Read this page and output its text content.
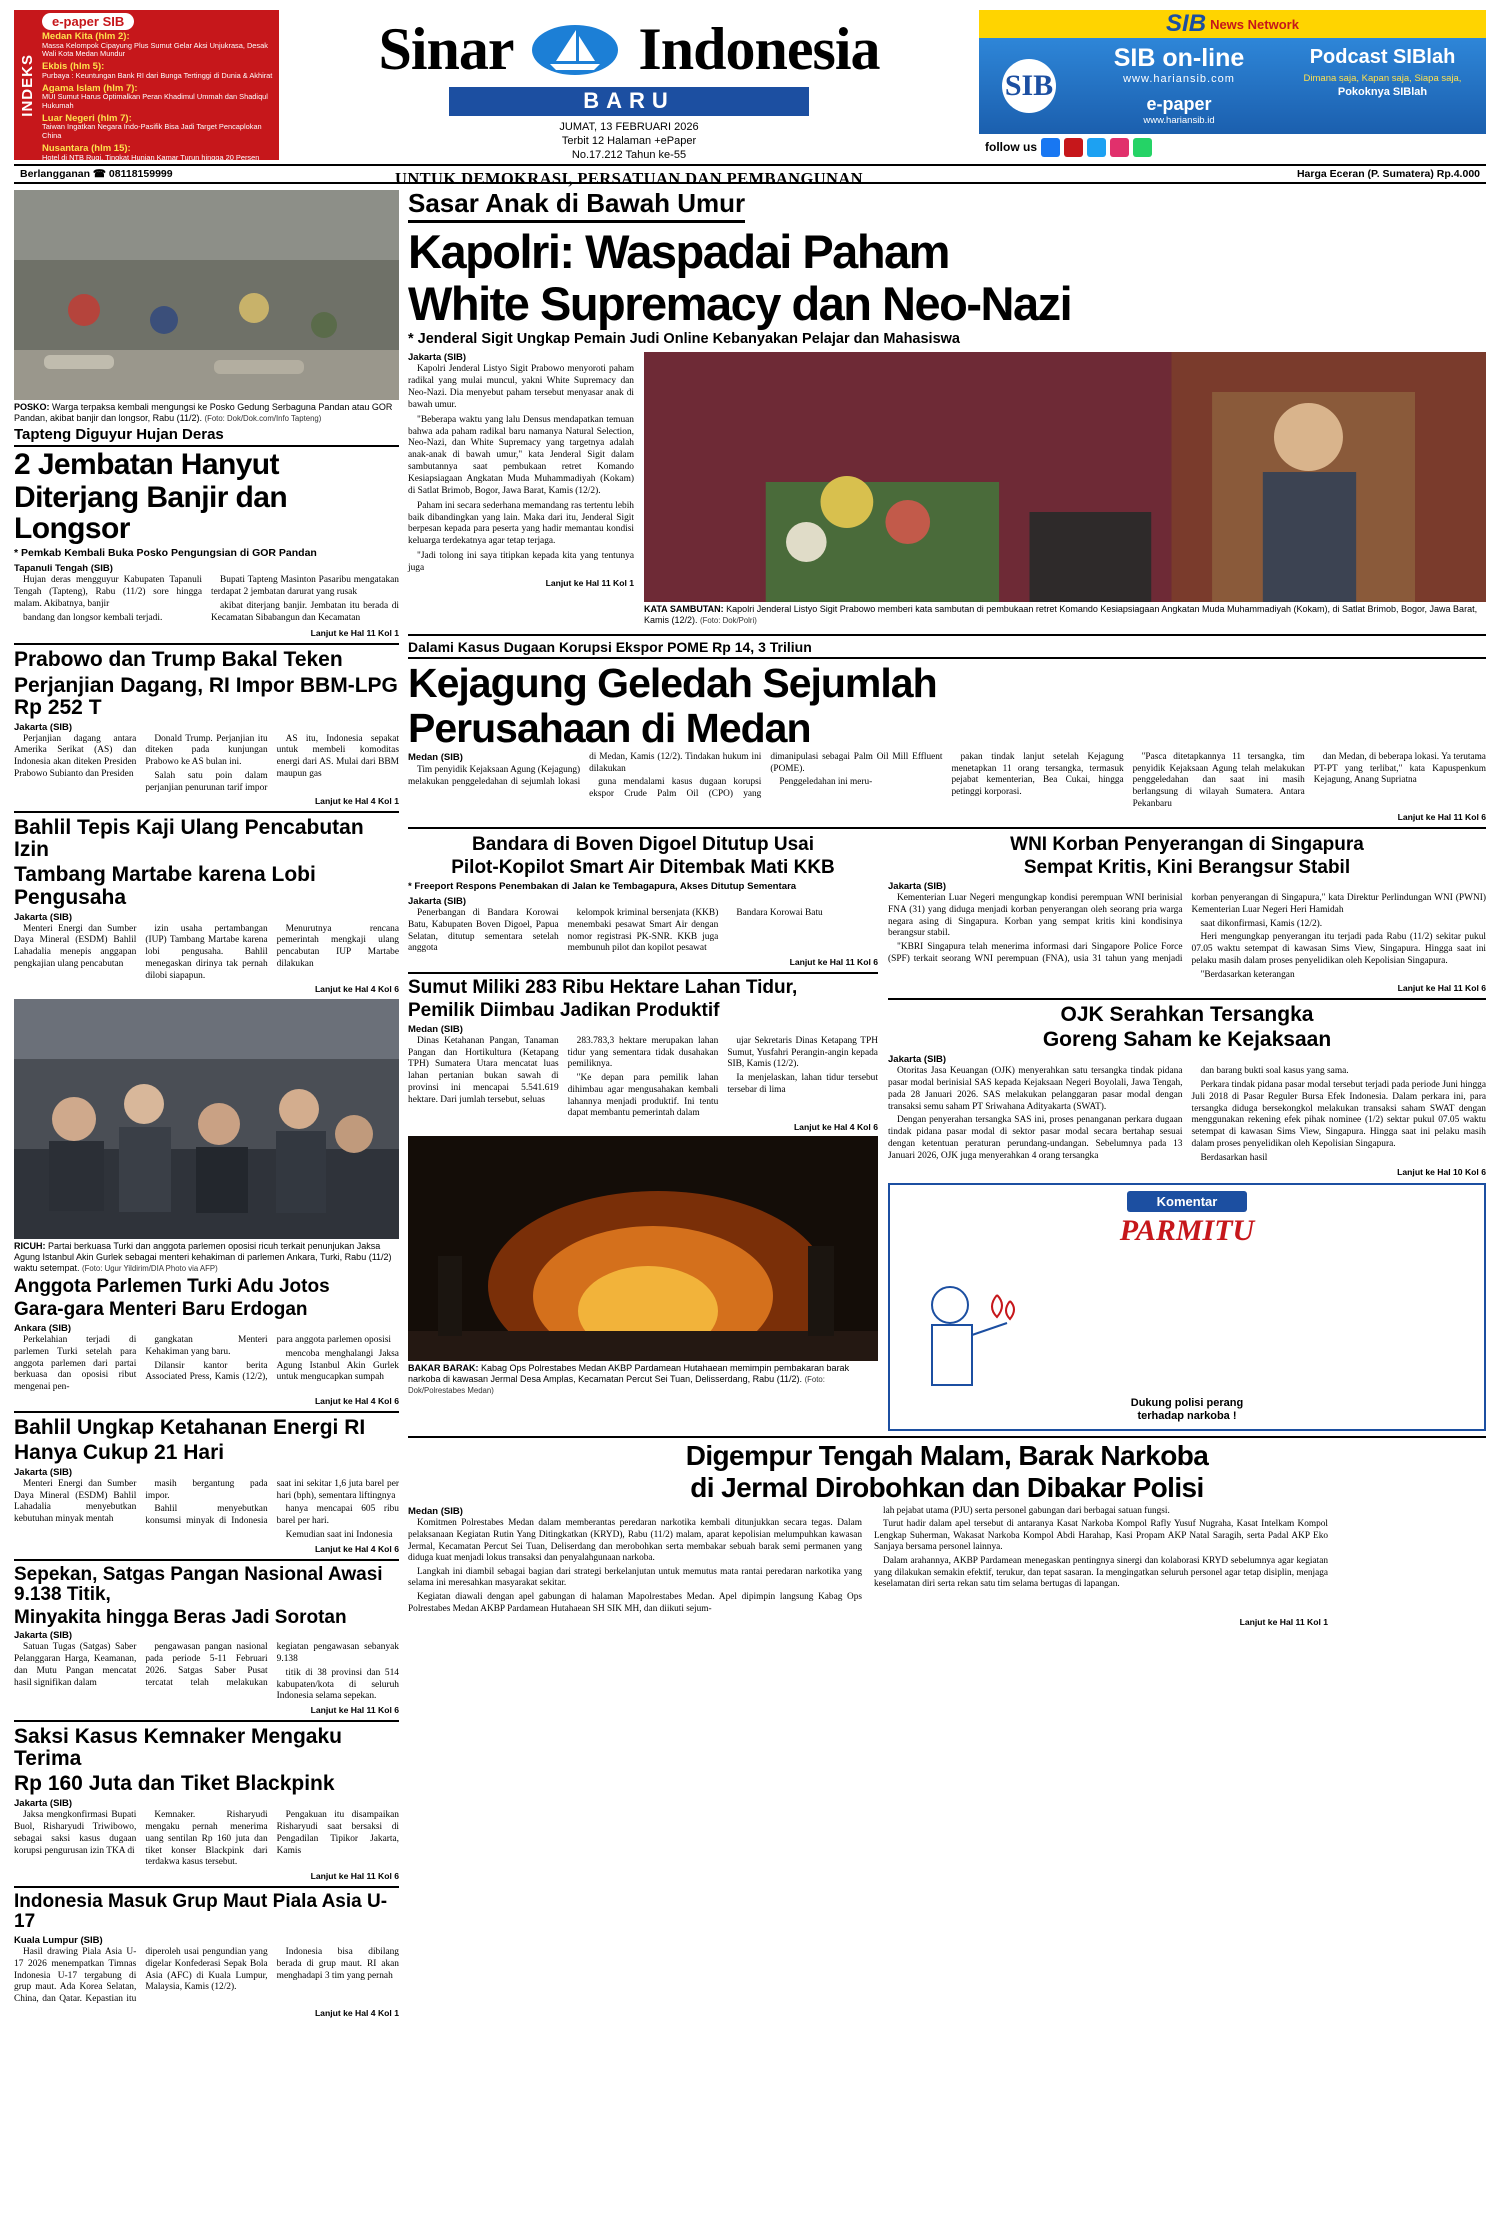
INDEKS
e-paper SIB
Medan Kita (hlm 2):
Massa Kelompok Cipayung Plus Sumut Gelar Aksi Unjukrasa, Desak Wali Kota Medan Mundur
Ekbis (hlm 5):
Purbaya : Keuntungan Bank RI dari Bunga Tertinggi di Dunia & Akhirat
Agama Islam (hlm 7):
MUI Sumut Harus Optimalkan Peran Khadimul Ummah dan Shadiqul Hukumah
Luar Negeri (hlm 7):
Taiwan Ingatkan Negara Indo-Pasifik Bisa Jadi Target Pencaplokan China
Nusantara (hlm 15):
Hotel di NTB Rugi, Tingkat Hunian Kamar Turun hingga 20 Persen
Sinar Indonesia
BARU
JUMAT, 13 FEBRUARI 2026
Terbit 12 Halaman +ePaper
No.17.212 Tahun ke-55
UNTUK DEMOKRASI, PERSATUAN DAN PEMBANGUNAN
SIB News Network
SIB
SIB on-line
www.hariansib.com
e-paper
www.hariansib.id
Podcast SIBlah
Dimana saja, Kapan saja, Siapa saja,
Pokoknya SIBlah
follow us
Berlangganan ☎ 08118159999	Harga Eceran (P. Sumatera) Rp.4.000
POSKO: Warga terpaksa kembali mengungsi ke Posko Gedung Serbaguna Pandan atau GOR Pandan, akibat banjir dan longsor, Rabu (11/2). (Foto: Dok/Dok.com/Info Tapteng)
Tapteng Diguyur Hujan Deras
2 Jembatan Hanyut
Diterjang Banjir dan Longsor
* Pemkab Kembali Buka Posko Pengungsian di GOR Pandan
Tapanuli Tengah (SIB)

Hujan deras mengguyur Kabupaten Tapanuli Tengah (Tapteng), Rabu (11/2) sore hingga malam. Akibatnya, banjir

bandang dan longsor kembali terjadi.

Bupati Tapteng Masinton Pasaribu mengatakan terdapat 2 jembatan darurat yang rusak

akibat diterjang banjir. Jembatan itu berada di Kecamatan Sibabangun dan Kecamatan

Lanjut ke Hal 11 Kol 1
Prabowo dan Trump Bakal Teken
Perjanjian Dagang, RI Impor BBM-LPG Rp 252 T
Jakarta (SIB)

Perjanjian dagang antara Amerika Serikat (AS) dan Indonesia akan diteken Presiden Prabowo Subianto dan Presiden

Donald Trump. Perjanjian itu diteken pada kunjungan Prabowo ke AS bulan ini.

Salah satu poin dalam perjanjian penurunan tarif impor

AS itu, Indonesia sepakat untuk membeli komoditas energi dari AS. Mulai dari BBM maupun gas

Lanjut ke Hal 4 Kol 1
Bahlil Tepis Kaji Ulang Pencabutan Izin
Tambang Martabe karena Lobi Pengusaha
Jakarta (SIB)

Menteri Energi dan Sumber Daya Mineral (ESDM) Bahlil Lahadalia menepis anggapan pengkajian ulang pencabutan

izin usaha pertambangan (IUP) Tambang Martabe karena lobi pengusaha. Bahlil menegaskan dirinya tak pernah dilobi siapapun.

Menurutnya rencana pemerintah mengkaji ulang pencabutan IUP Martabe dilakukan

Lanjut ke Hal 4 Kol 6
RICUH: Partai berkuasa Turki dan anggota parlemen oposisi ricuh terkait penunjukan Jaksa Agung Istanbul Akin Gurlek sebagai menteri kehakiman di parlemen Ankara, Turki, Rabu (11/2) waktu setempat. (Foto: Ugur Yildirim/DIA Photo via AFP)
Anggota Parlemen Turki Adu Jotos
Gara-gara Menteri Baru Erdogan
Ankara (SIB)

Perkelahian terjadi di parlemen Turki setelah para anggota parlemen dari partai berkuasa dan oposisi ribut mengenai pen-

gangkatan Menteri Kehakiman yang baru.

Dilansir kantor berita Associated Press, Kamis (12/2), para anggota parlemen oposisi

mencoba menghalangi Jaksa Agung Istanbul Akin Gurlek untuk mengucapkan sumpah

Lanjut ke Hal 4 Kol 6
Bahlil Ungkap Ketahanan Energi RI
Hanya Cukup 21 Hari
Jakarta (SIB)

Menteri Energi dan Sumber Daya Mineral (ESDM) Bahlil Lahadalia menyebutkan kebutuhan minyak mentah

masih bergantung pada impor.

Bahlil menyebutkan konsumsi minyak di Indonesia saat ini sekitar 1,6 juta barel per hari (bph), sementara liftingnya

hanya mencapai 605 ribu barel per hari.

Kemudian saat ini Indonesia

Lanjut ke Hal 4 Kol 6
Sepekan, Satgas Pangan Nasional Awasi 9.138 Titik,
Minyakita hingga Beras Jadi Sorotan
Jakarta (SIB)

Satuan Tugas (Satgas) Saber Pelanggaran Harga, Keamanan, dan Mutu Pangan mencatat hasil signifikan dalam

pengawasan pangan nasional pada periode 5-11 Februari 2026. Satgas Saber Pusat tercatat telah melakukan kegiatan pengawasan sebanyak 9.138

titik di 38 provinsi dan 514 kabupaten/kota di seluruh Indonesia selama sepekan.

Lanjut ke Hal 11 Kol 6
Saksi Kasus Kemnaker Mengaku Terima
Rp 160 Juta dan Tiket Blackpink
Jakarta (SIB)

Jaksa mengkonfirmasi Bupati Buol, Risharyudi Triwibowo, sebagai saksi kasus dugaan korupsi pengurusan izin TKA di

Kemnaker. Risharyudi mengaku pernah menerima uang sentilan Rp 160 juta dan tiket konser Blackpink dari terdakwa kasus tersebut.

Pengakuan itu disampaikan Risharyudi saat bersaksi di Pengadilan Tipikor Jakarta, Kamis

Lanjut ke Hal 11 Kol 6
Indonesia Masuk Grup Maut Piala Asia U-17
Kuala Lumpur (SIB)

Hasil drawing Piala Asia U-17 2026 menempatkan Timnas Indonesia U-17 tergabung di grup maut. Ada Korea Selatan, China, dan Qatar. Kepastian itu diperoleh usai pengundian yang digelar Konfederasi Sepak Bola Asia (AFC) di Kuala Lumpur, Malaysia, Kamis (12/2).

Indonesia bisa dibilang berada di grup maut. RI akan menghadapi 3 tim yang pernah

Lanjut ke Hal 4 Kol 1
Sasar Anak di Bawah Umur
Kapolri: Waspadai Paham
White Supremacy dan Neo-Nazi
* Jenderal Sigit Ungkap Pemain Judi Online Kebanyakan Pelajar dan Mahasiswa
Jakarta (SIB)

Kapolri Jenderal Listyo Sigit Prabowo menyoroti paham radikal yang mulai muncul, yakni White Supremacy dan Neo-Nazi. Dia menyebut paham tersebut menyasar anak di bawah umur.

"Beberapa waktu yang lalu Densus mendapatkan temuan bahwa ada paham radikal baru namanya Natural Selection, Neo-Nazi, dan White Supremacy yang targetnya adalah anak-anak di bawah umur," kata Jenderal Sigit dalam sambutannya saat pembukaan retret Komando Kesiapsiagaan Angkatan Muda Muhammadiyah (Kokam) di Satlat Brimob, Bogor, Jawa Barat, Kamis (12/2).

Paham ini secara sederhana memandang ras tertentu lebih baik dibandingkan yang lain. Maka dari itu, Jenderal Sigit berpesan kepada para peserta yang hadir memantau kondisi keluarga terdekatnya agar tetap terjaga.

"Jadi tolong ini saya titipkan kepada kita yang tentunya juga

Lanjut ke Hal 11 Kol 1
KATA SAMBUTAN: Kapolri Jenderal Listyo Sigit Prabowo memberi kata sambutan di pembukaan retret Komando Kesiapsiagaan Angkatan Muda Muhammadiyah (Kokam), di Satlat Brimob, Bogor, Jawa Barat, Kamis (12/2). (Foto: Dok/Polri)
Dalami Kasus Dugaan Korupsi Ekspor POME Rp 14, 3 Triliun
Kejagung Geledah Sejumlah
Perusahaan di Medan
Medan (SIB)

Tim penyidik Kejaksaan Agung (Kejagung) melakukan penggeledahan di sejumlah lokasi di Medan, Kamis (12/2). Tindakan hukum ini dilakukan

guna mendalami kasus dugaan korupsi ekspor Crude Palm Oil (CPO) yang dimanipulasi sebagai Palm Oil Mill Effluent (POME).

Penggeledahan ini meru-

pakan tindak lanjut setelah Kejagung menetapkan 11 orang tersangka, termasuk pejabat kementerian, Bea Cukai, hingga petinggi korporasi.

"Pasca ditetapkannya 11 tersangka, tim penyidik Kejaksaan Agung telah melakukan penggeledahan dan saat ini masih berlangsung di wilayah Sumatera. Antara Pekanbaru

dan Medan, di beberapa lokasi. Ya terutama PT-PT yang terlibat," kata Kapuspenkum Kejagung, Anang Supriatna

Lanjut ke Hal 11 Kol 6
Bandara di Boven Digoel Ditutup Usai
Pilot-Kopilot Smart Air Ditembak Mati KKB
* Freeport Respons Penembakan di Jalan ke Tembagapura, Akses Ditutup Sementara
Jakarta (SIB)

Penerbangan di Bandara Korowai Batu, Kabupaten Boven Digoel, Papua Selatan, ditutup sementara setelah anggota

kelompok kriminal bersenjata (KKB) menembaki pesawat Smart Air dengan nomor registrasi PK-SNR. KKB juga membunuh pilot dan kopilot pesawat

Bandara Korowai Batu

Lanjut ke Hal 11 Kol 6
Sumut Miliki 283 Ribu Hektare Lahan Tidur,
Pemilik Diimbau Jadikan Produktif
Medan (SIB)

Dinas Ketahanan Pangan, Tanaman Pangan dan Hortikultura (Ketapang TPH) Sumatera Utara mencatat luas lahan pertanian bukan sawah di provinsi ini mencapai 5.541.619 hektare. Dari jumlah tersebut, seluas

283.783,3 hektare merupakan lahan tidur yang sementara tidak dusahakan pemiliknya.

"Ke depan para pemilik lahan dihimbau agar mengusahakan kembali lahannya menjadi produktif. Ini tentu dapat membantu pemerintah dalam

ujar Sekretaris Dinas Ketapang TPH Sumut, Yusfahri Perangin-angin kepada SIB, Kamis (12/2).

Ia menjelaskan, lahan tidur tersebut tersebar di lima

Lanjut ke Hal 4 Kol 6
BAKAR BARAK: Kabag Ops Polrestabes Medan AKBP Pardamean Hutahaean memimpin pembakaran barak narkoba di kawasan Jermal Desa Amplas, Kecamatan Percut Sei Tuan, Delisserdang, Rabu (11/2). (Foto: Dok/Polrestabes Medan)
WNI Korban Penyerangan di Singapura
Sempat Kritis, Kini Berangsur Stabil
Jakarta (SIB)

Kementerian Luar Negeri mengungkap kondisi perempuan WNI berinisial FNA (31) yang diduga menjadi korban penyerangan oleh seorang pria warga negara asing di Singapura. Korban yang sempat kritis kini kondisinya berangsur stabil.

"KBRI Singapura telah menerima informasi dari Singapore Police Force (SPF) terkait seorang WNI perempuan (FNA), usia 31 tahun yang menjadi korban penyerangan di Singapura," kata Direktur Perlindungan WNI (PWNI) Kementerian Luar Negeri Heri Hamidah

saat dikonfirmasi, Kamis (12/2).

Heri mengungkap penyerangan itu terjadi pada Rabu (11/2) sekitar pukul 07.05 waktu setempat di kawasan Sims View, Singapura. Hingga saat ini pelaku masih dalam proses penyelidikan oleh Kepolisian Singapura.

"Berdasarkan keterangan

Lanjut ke Hal 11 Kol 6
OJK Serahkan Tersangka
Goreng Saham ke Kejaksaan
Jakarta (SIB)

Otoritas Jasa Keuangan (OJK) menyerahkan satu tersangka tindak pidana pasar modal berinisial SAS kepada Kejaksaan Negeri Boyolali, Jawa Tengah, pada 28 Januari 2026. SAS melakukan pelanggaran pasar modal dengan transaksi semu saham PT Sriwahana Adityakarta (SWAT).

Dengan penyerahan tersangka SAS ini, proses penanganan perkara dugaan tindak pidana pasar modal di sektor pasar modal secara bertahap sesuai dengan ketentuan peraturan perundang-undangan. Sebelumnya pada 13 Januari 2026, OJK juga menyerahkan 4 orang tersangka

dan barang bukti soal kasus yang sama.

Perkara tindak pidana pasar modal tersebut terjadi pada periode Juni hingga Juli 2018 di Pasar Reguler Bursa Efek Indonesia. Dalam perkara ini, para tersangka diduga bersekongkol melakukan transaksi saham SWAT dengan menggunakan rekening efek pihak nominee (1/2) sektar pukul 07.05 waktu setempat di kawasan Sims View, Singapura. Hingga saat ini pelaku masih dalam proses penyelidikan oleh Kepolisian Singapura.

Berdasarkan hasil

Lanjut ke Hal 10 Kol 6
Komentar
PARMITU
Dukung polisi perang
terhadap narkoba !
Digempur Tengah Malam, Barak Narkoba
di Jermal Dirobohkan dan Dibakar Polisi
Medan (SIB)

Komitmen Polrestabes Medan dalam memberantas peredaran narkotika kembali ditunjukkan secara tegas. Dalam pelaksanaan Kegiatan Rutin Yang Ditingkatkan (KRYD), Rabu (11/2) malam, aparat kepolisian melumpuhkan kawasan Jermal, Kecamatan Percut Sei Tuan, Deliserdang dan merobohkan serta membakar sebuah barak semi permanen yang diduga kuat menjadi lokus transaksi dan penyalahgunaan narkoba.

Langkah ini diambil sebagai bagian dari strategi berkelanjutan untuk memutus mata rantai peredaran narkotika yang selama ini meresahkan masyarakat sekitar.

Kegiatan diawali dengan apel gabungan di halaman Mapolrestabes Medan. Apel dipimpin langsung Kabag Ops Polrestabes Medan AKBP Pardamean Hutahaean SH SIK MH, dan diikuti sejum-

lah pejabat utama (PJU) serta personel gabungan dari berbagai satuan fungsi.

Turut hadir dalam apel tersebut di antaranya Kasat Narkoba Kompol Rafly Yusuf Nugraha, Kasat Intelkam Kompol Lengkap Suherman, Wakasat Narkoba Kompol Abdi Harahap, Kasi Propam AKP Natal Saragih, serta Padal AKP Eko Sanjaya bersama personel lainnya.

Dalam arahannya, AKBP Pardamean menegaskan pentingnya sinergi dan kolaborasi KRYD sebelumnya agar kegiatan yang dilakukan semakin efektif, terukur, dan tepat sasaran. Ia mengingatkan seluruh personel agar tetap disiplin, menjaga keselamatan diri serta rekan satu tim selama bertugas di lapangan.

Lanjut ke Hal 11 Kol 1
